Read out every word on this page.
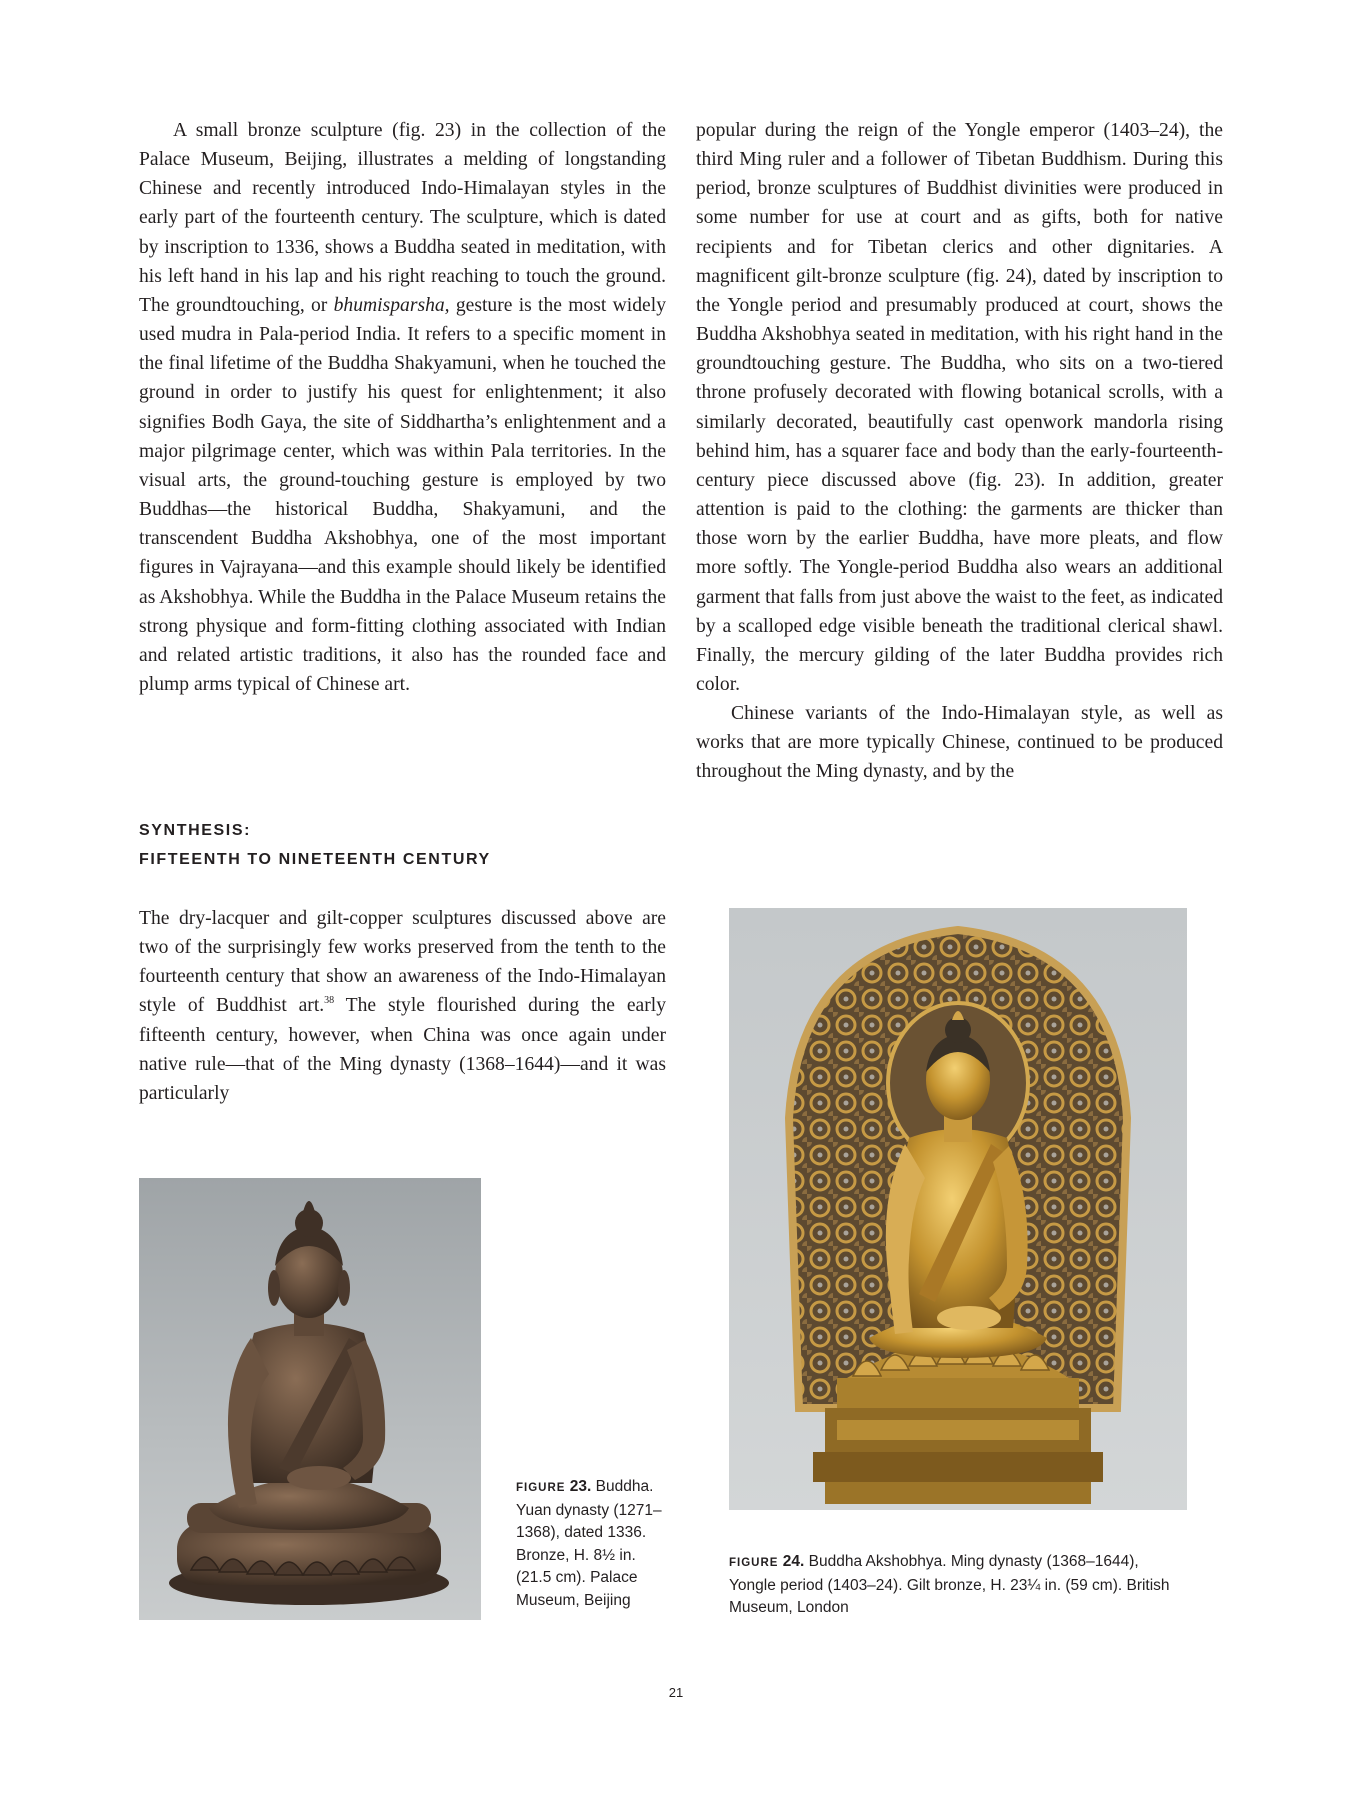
A small bronze sculpture (fig. 23) in the collection of the Palace Museum, Beijing, illustrates a melding of longstanding Chinese and recently introduced Indo-Himalayan styles in the early part of the fourteenth century. The sculpture, which is dated by inscription to 1336, shows a Buddha seated in meditation, with his left hand in his lap and his right reaching to touch the ground. The groundtouching, or bhumisparsha, gesture is the most widely used mudra in Pala-period India. It refers to a specific moment in the final lifetime of the Buddha Shakyamuni, when he touched the ground in order to justify his quest for enlightenment; it also signifies Bodh Gaya, the site of Siddhartha’s enlightenment and a major pilgrimage center, which was within Pala territories. In the visual arts, the ground-touching gesture is employed by two Buddhas—the historical Buddha, Shakyamuni, and the transcendent Buddha Akshobhya, one of the most important figures in Vajrayana—and this example should likely be identified as Akshobhya. While the Buddha in the Palace Museum retains the strong physique and form-fitting clothing associated with Indian and related artistic traditions, it also has the rounded face and plump arms typical of Chinese art.

SYNTHESIS:
FIFTEENTH TO NINETEENTH CENTURY

The dry-lacquer and gilt-copper sculptures discussed above are two of the surprisingly few works preserved from the tenth to the fourteenth century that show an awareness of the Indo-Himalayan style of Buddhist art.$^{38}$ The style flourished during the early fifteenth century, however, when China was once again under native rule—that of the Ming dynasty (1368–1644)—and it was particularly

popular during the reign of the Yongle emperor (1403–24), the third Ming ruler and a follower of Tibetan Buddhism. During this period, bronze sculptures of Buddhist divinities were produced in some number for use at court and as gifts, both for native recipients and for Tibetan clerics and other dignitaries. A magnificent gilt-bronze sculpture (fig. 24), dated by inscription to the Yongle period and presumably produced at court, shows the Buddha Akshobhya seated in meditation, with his right hand in the groundtouching gesture. The Buddha, who sits on a two-tiered throne profusely decorated with flowing botanical scrolls, with a similarly decorated, beautifully cast openwork mandorla rising behind him, has a squarer face and body than the early-fourteenth-century piece discussed above (fig. 23). In addition, greater attention is paid to the clothing: the garments are thicker than those worn by the earlier Buddha, have more pleats, and flow more softly. The Yongle-period Buddha also wears an additional garment that falls from just above the waist to the feet, as indicated by a scalloped edge visible beneath the traditional clerical shawl. Finally, the mercury gilding of the later Buddha provides rich color.

Chinese variants of the Indo-Himalayan style, as well as works that are more typically Chinese, continued to be produced throughout the Ming dynasty, and by the

FIGURE 23. Buddha. Yuan dynasty (1271–1368), dated 1336. Bronze, H. 8½ in. (21.5 cm). Palace Museum, Beijing

FIGURE 24. Buddha Akshobhya. Ming dynasty (1368–1644), Yongle period (1403–24). Gilt bronze, H. 23¼ in. (59 cm). British Museum, London

21
